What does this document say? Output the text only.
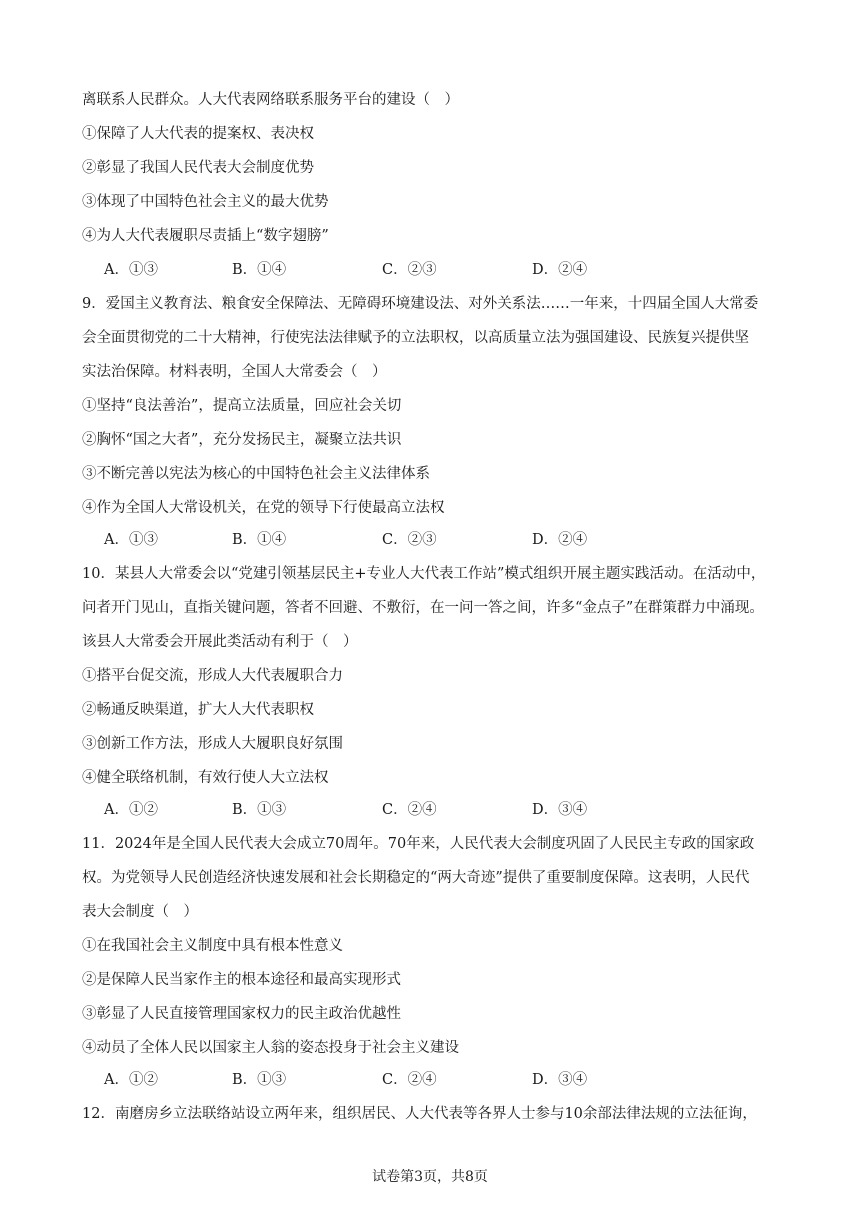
离联系人民群众。人大代表网络联系服务平台的建设（　）
①保障了人大代表的提案权、表决权
②彰显了我国人民代表大会制度优势
③体现了中国特色社会主义的最大优势
④为人大代表履职尽责插上“数字翅膀”
A．①③	B．①④	C．②③	D．②④
9．爱国主义教育法、粮食安全保障法、无障碍环境建设法、对外关系法……一年来，十四届全国人大常委
会全面贯彻党的二十大精神，行使宪法法律赋予的立法职权，以高质量立法为强国建设、民族复兴提供坚
实法治保障。材料表明，全国人大常委会（　）
①坚持“良法善治”，提高立法质量，回应社会关切
②胸怀“国之大者”，充分发扬民主，凝聚立法共识
③不断完善以宪法为核心的中国特色社会主义法律体系
④作为全国人大常设机关，在党的领导下行使最高立法权
A．①③	B．①④	C．②③	D．②④
10．某县人大常委会以“党建引领基层民主+专业人大代表工作站”模式组织开展主题实践活动。在活动中，
问者开门见山，直指关键问题，答者不回避、不敷衍，在一问一答之间，许多“金点子”在群策群力中涌现。
该县人大常委会开展此类活动有利于（　）
①搭平台促交流，形成人大代表履职合力
②畅通反映渠道，扩大人大代表职权
③创新工作方法，形成人大履职良好氛围
④健全联络机制，有效行使人大立法权
A．①②	B．①③	C．②④	D．③④
11．2024年是全国人民代表大会成立70周年。70年来，人民代表大会制度巩固了人民民主专政的国家政
权。为党领导人民创造经济快速发展和社会长期稳定的“两大奇迹”提供了重要制度保障。这表明，人民代
表大会制度（　）
①在我国社会主义制度中具有根本性意义
②是保障人民当家作主的根本途径和最高实现形式
③彰显了人民直接管理国家权力的民主政治优越性
④动员了全体人民以国家主人翁的姿态投身于社会主义建设
A．①②	B．①③	C．②④	D．③④
12．南磨房乡立法联络站设立两年来，组织居民、人大代表等各界人士参与10余部法律法规的立法征询，
试卷第3页，共8页
